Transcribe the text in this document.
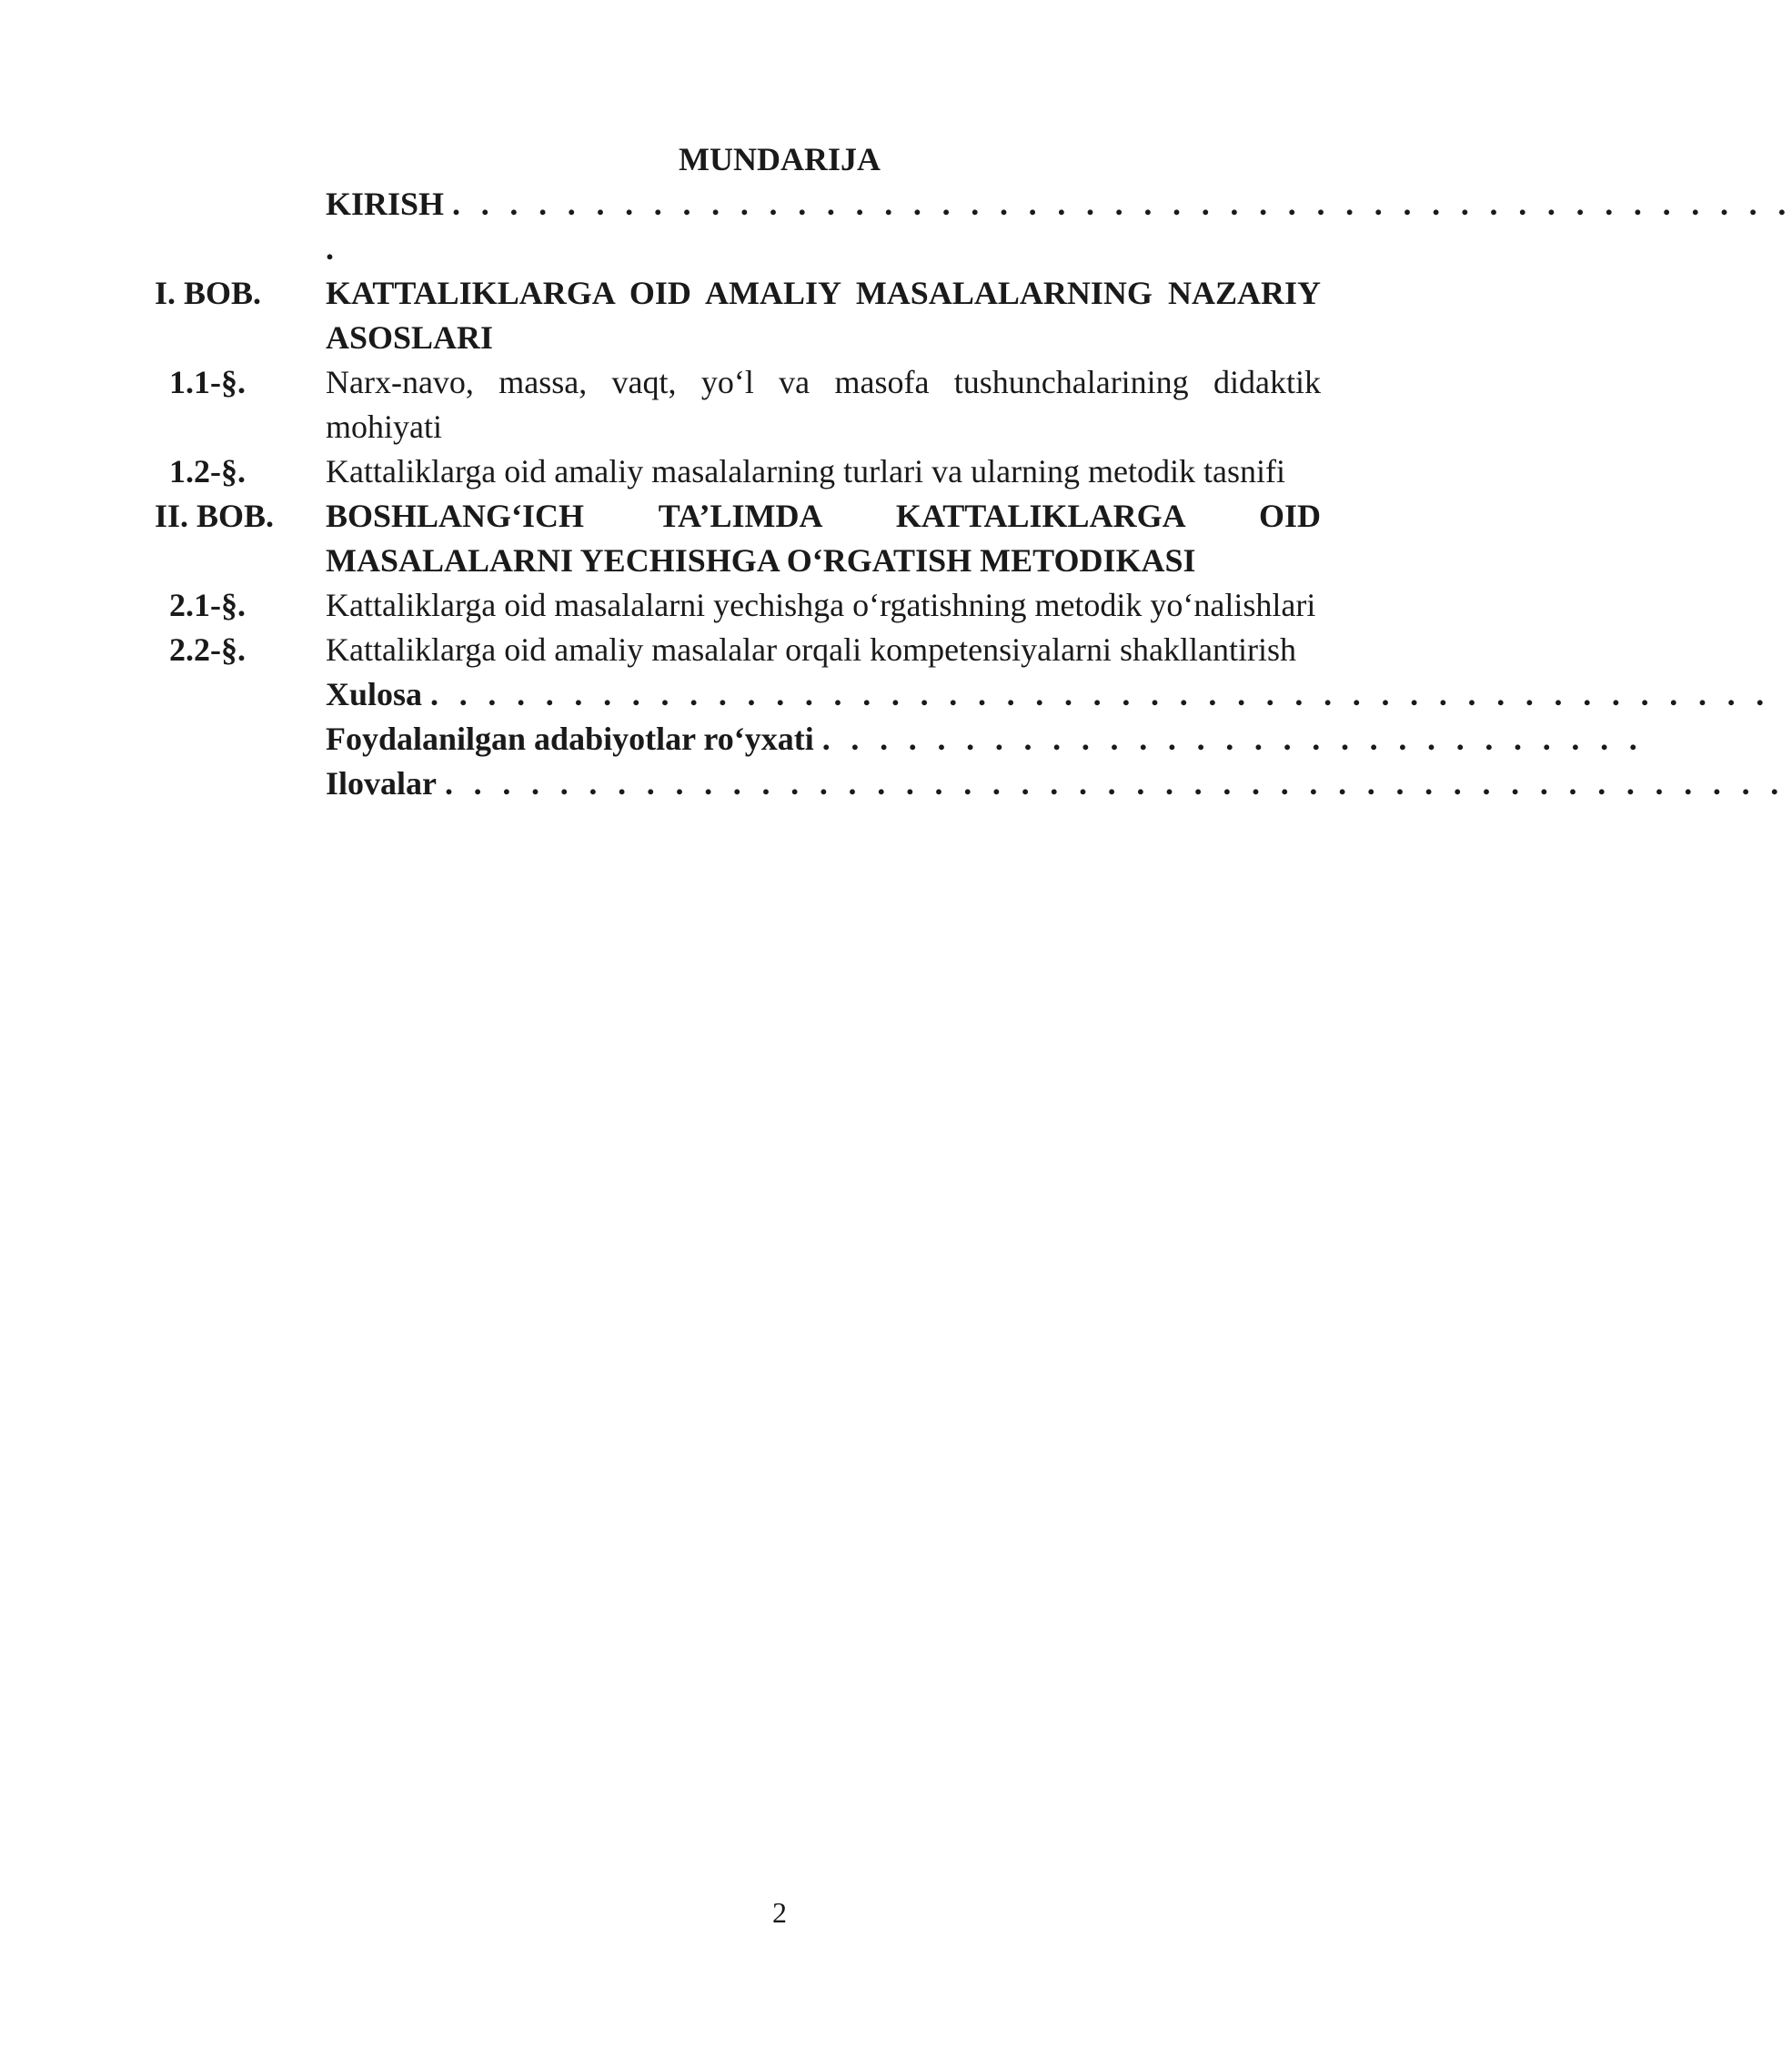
MUNDARIJA
KIRISH . . . . . . . . . . . . . . . . . . . . . . . . . . . . . . . . . . . . . . . . . . . . . . .
.
I. BOB.	KATTALIKLARGA OID AMALIY MASALALARNING NAZARIY ASOSLARI
1.1-§.	Narx-navo, massa, vaqt, yo‘l va masofa tushunchalarining didaktik mohiyati
1.2-§.	Kattaliklarga oid amaliy masalalarning turlari va ularning metodik tasnifi
II. BOB.	BOSHLANG‘ICH TA’LIMDA KATTALIKLARGA OID MASALALARNI YECHISHGA O‘RGATISH METODIKASI
2.1-§.	Kattaliklarga oid masalalarni yechishga o‘rgatishning metodik yo‘nalishlari
2.2-§.	Kattaliklarga oid amaliy masalalar orqali kompetensiyalarni shakllantirish
Xulosa . . . . . . . . . . . . . . . . . . . . . . . . . . . . . . . . . . . . . . . . . . . . . . .
Foydalanilgan adabiyotlar ro‘yxati . . . . . . . . . . . . . . . . . . . . . . . . . . . . .
Ilovalar . . . . . . . . . . . . . . . . . . . . . . . . . . . . . . . . . . . . . . . . . . . . . . .
2
